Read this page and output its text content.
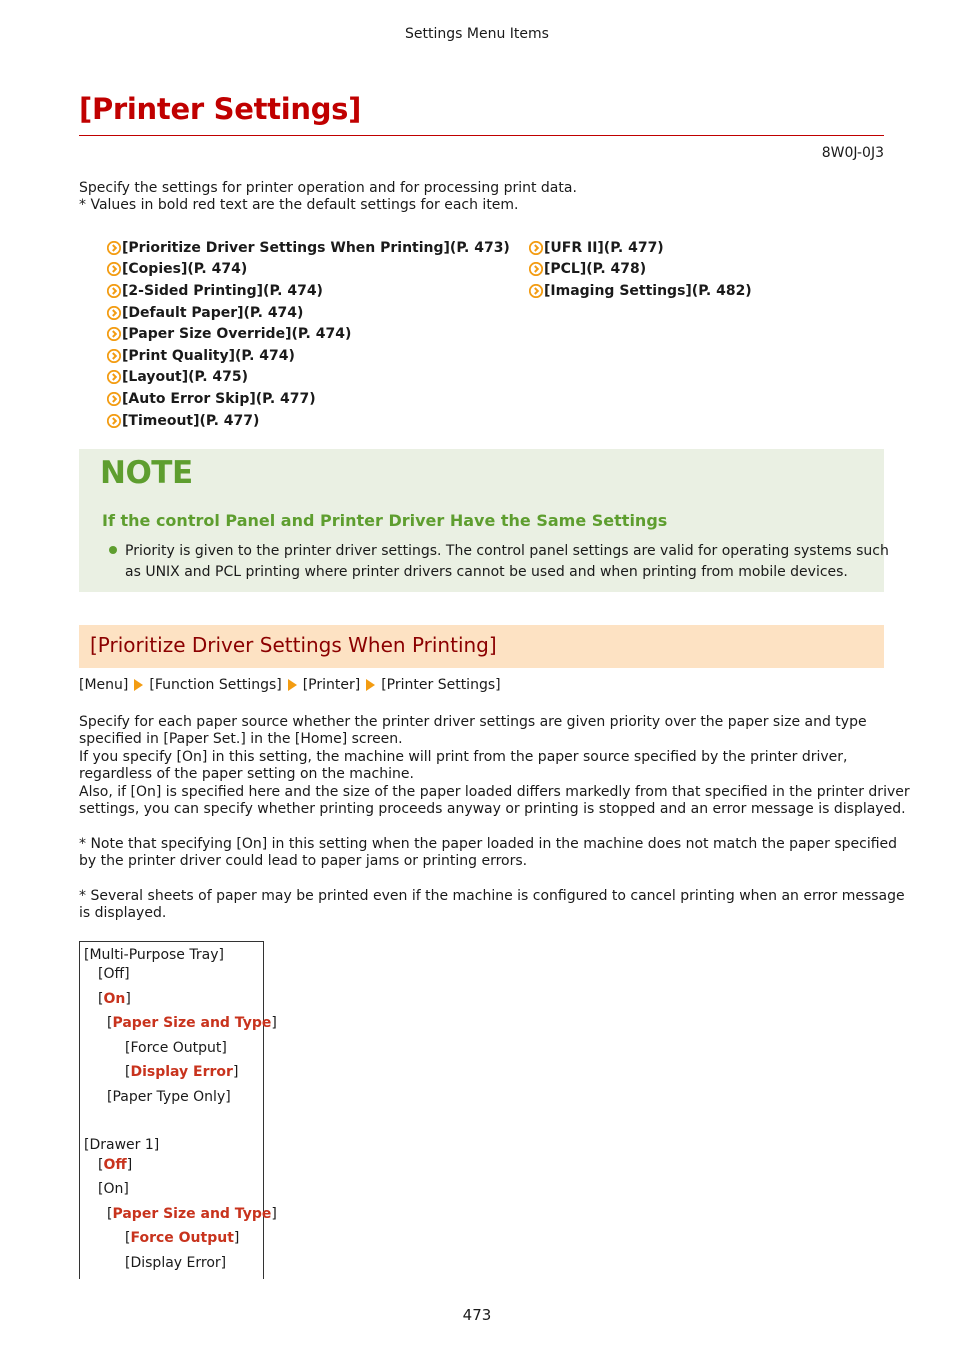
Settings Menu Items
[Printer Settings]
8W0J-0J3
Specify the settings for printer operation and for processing print data.
* Values in bold red text are the default settings for each item.
[Prioritize Driver Settings When Printing](P. 473)
[Copies](P. 474)
[2-Sided Printing](P. 474)
[Default Paper](P. 474)
[Paper Size Override](P. 474)
[Print Quality](P. 474)
[Layout](P. 475)
[Auto Error Skip](P. 477)
[Timeout](P. 477)
[UFR II](P. 477)
[PCL](P. 478)
[Imaging Settings](P. 482)
NOTE
If the control Panel and Printer Driver Have the Same Settings
Priority is given to the printer driver settings. The control panel settings are valid for operating systems such
as UNIX and PCL printing where printer drivers cannot be used and when printing from mobile devices.
[Prioritize Driver Settings When Printing]
[Menu] [Function Settings] [Printer] [Printer Settings]
Specify for each paper source whether the printer driver settings are given priority over the paper size and type
specified in [Paper Set.] in the [Home] screen.
If you specify [On] in this setting, the machine will print from the paper source specified by the printer driver,
regardless of the paper setting on the machine.
Also, if [On] is specified here and the size of the paper loaded differs markedly from that specified in the printer driver
settings, you can specify whether printing proceeds anyway or printing is stopped and an error message is displayed.
* Note that specifying [On] in this setting when the paper loaded in the machine does not match the paper specified
by the printer driver could lead to paper jams or printing errors.
* Several sheets of paper may be printed even if the machine is configured to cancel printing when an error message
is displayed.
[Multi-Purpose Tray]
[Off]
[On]
[Paper Size and Type]
[Force Output]
[Display Error]
[Paper Type Only]
[Drawer 1]
[Off]
[On]
[Paper Size and Type]
[Force Output]
[Display Error]
473
